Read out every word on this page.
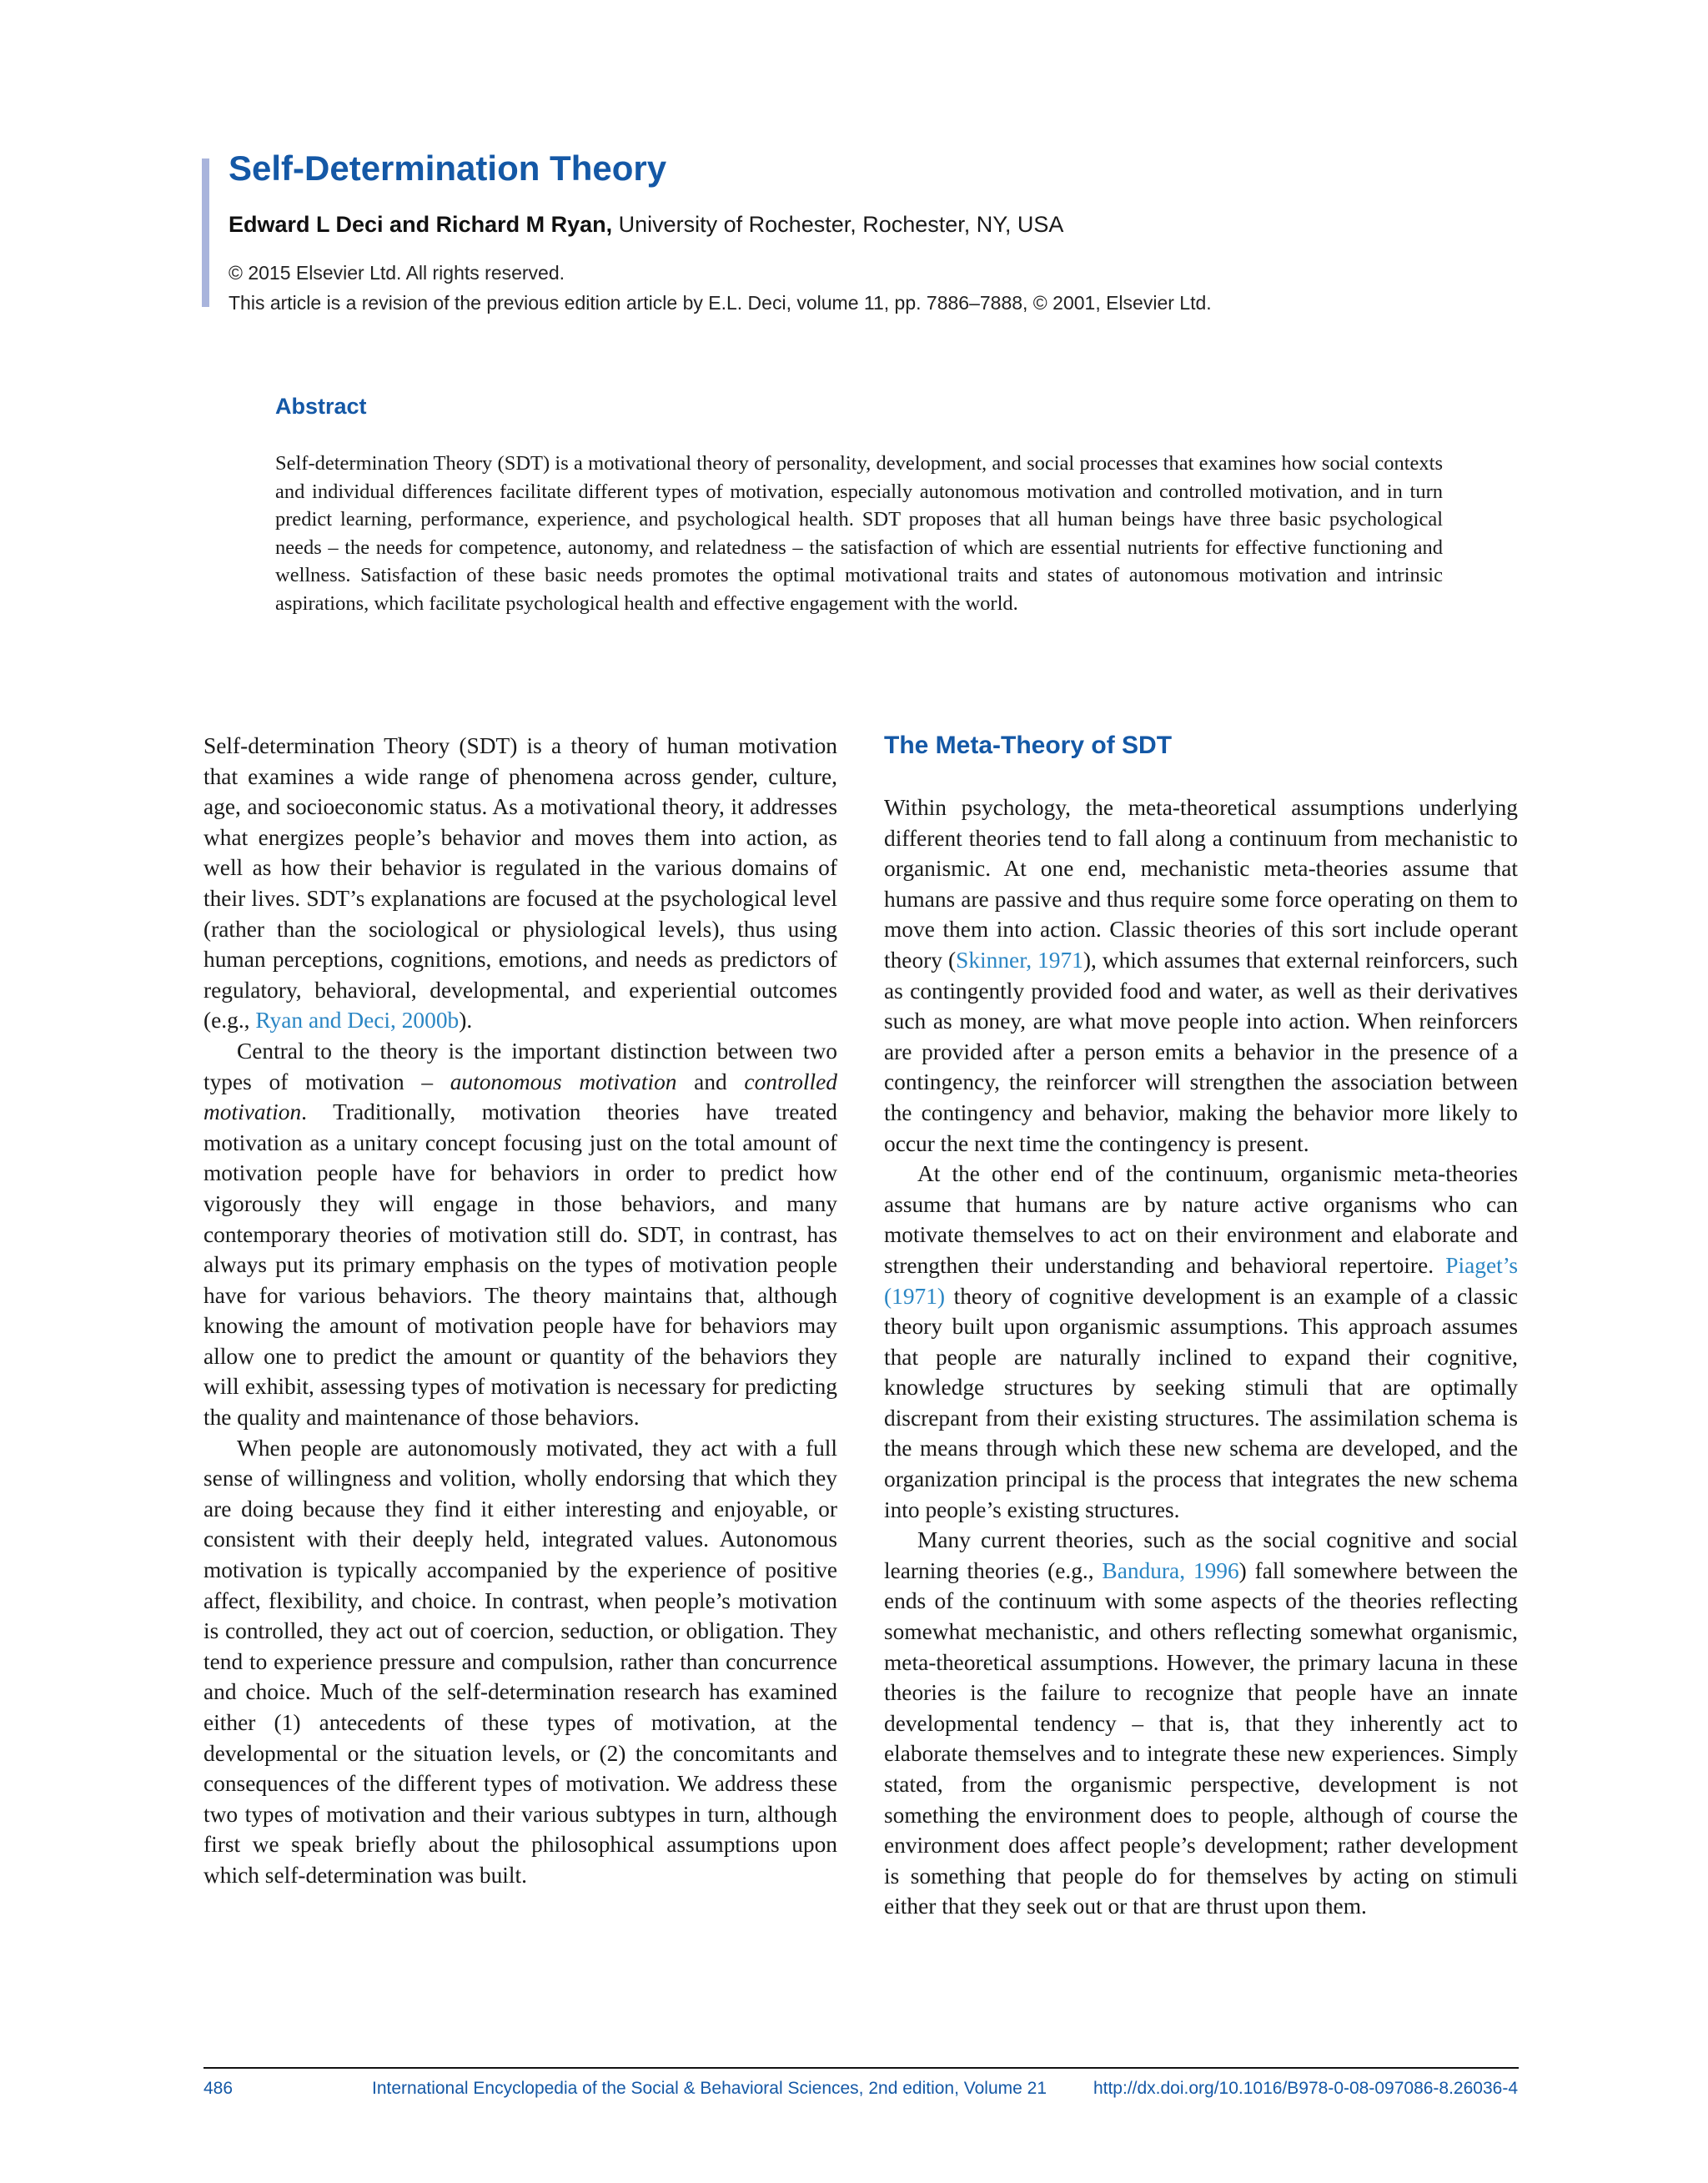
Self-Determination Theory
Edward L Deci and Richard M Ryan, University of Rochester, Rochester, NY, USA
© 2015 Elsevier Ltd. All rights reserved.
This article is a revision of the previous edition article by E.L. Deci, volume 11, pp. 7886–7888, © 2001, Elsevier Ltd.
Abstract

Self-determination Theory (SDT) is a motivational theory of personality, development, and social processes that examines how social contexts and individual differences facilitate different types of motivation, especially autonomous motivation and controlled motivation, and in turn predict learning, performance, experience, and psychological health. SDT proposes that all human beings have three basic psychological needs – the needs for competence, autonomy, and relatedness – the satisfaction of which are essential nutrients for effective functioning and wellness. Satisfaction of these basic needs promotes the optimal motivational traits and states of autonomous motivation and intrinsic aspirations, which facilitate psychological health and effective engagement with the world.

Self-determination Theory (SDT) is a theory of human motivation that examines a wide range of phenomena across gender, culture, age, and socioeconomic status. As a motivational theory, it addresses what energizes people’s behavior and moves them into action, as well as how their behavior is regulated in the various domains of their lives. SDT’s explanations are focused at the psychological level (rather than the sociological or physiological levels), thus using human perceptions, cognitions, emotions, and needs as predictors of regulatory, behavioral, developmental, and experiential outcomes (e.g., Ryan and Deci, 2000b).

Central to the theory is the important distinction between two types of motivation – autonomous motivation and controlled motivation. Traditionally, motivation theories have treated motivation as a unitary concept focusing just on the total amount of motivation people have for behaviors in order to predict how vigorously they will engage in those behaviors, and many contemporary theories of motivation still do. SDT, in contrast, has always put its primary emphasis on the types of motivation people have for various behaviors. The theory maintains that, although knowing the amount of motivation people have for behaviors may allow one to predict the amount or quantity of the behaviors they will exhibit, assessing types of motivation is necessary for predicting the quality and maintenance of those behaviors.

When people are autonomously motivated, they act with a full sense of willingness and volition, wholly endorsing that which they are doing because they find it either interesting and enjoyable, or consistent with their deeply held, integrated values. Autonomous motivation is typically accompanied by the experience of positive affect, flexibility, and choice. In contrast, when people’s motivation is controlled, they act out of coercion, seduction, or obligation. They tend to experience pressure and compulsion, rather than concurrence and choice. Much of the self-determination research has examined either (1) antecedents of these types of motivation, at the developmental or the situation levels, or (2) the concomitants and consequences of the different types of motivation. We address these two types of motivation and their various subtypes in turn, although first we speak briefly about the philosophical assumptions upon which self-determination was built.

The Meta-Theory of SDT

Within psychology, the meta-theoretical assumptions underlying different theories tend to fall along a continuum from mechanistic to organismic. At one end, mechanistic meta-theories assume that humans are passive and thus require some force operating on them to move them into action. Classic theories of this sort include operant theory (Skinner, 1971), which assumes that external reinforcers, such as contingently provided food and water, as well as their derivatives such as money, are what move people into action. When reinforcers are provided after a person emits a behavior in the presence of a contingency, the reinforcer will strengthen the association between the contingency and behavior, making the behavior more likely to occur the next time the contingency is present.

At the other end of the continuum, organismic meta-theories assume that humans are by nature active organisms who can motivate themselves to act on their environment and elaborate and strengthen their understanding and behavioral repertoire. Piaget’s (1971) theory of cognitive development is an example of a classic theory built upon organismic assumptions. This approach assumes that people are naturally inclined to expand their cognitive, knowledge structures by seeking stimuli that are optimally discrepant from their existing structures. The assimilation schema is the means through which these new schema are developed, and the organization principal is the process that integrates the new schema into people’s existing structures.

Many current theories, such as the social cognitive and social learning theories (e.g., Bandura, 1996) fall somewhere between the ends of the continuum with some aspects of the theories reflecting somewhat mechanistic, and others reflecting somewhat organismic, meta-theoretical assumptions. However, the primary lacuna in these theories is the failure to recognize that people have an innate developmental tendency – that is, that they inherently act to elaborate themselves and to integrate these new experiences. Simply stated, from the organismic perspective, development is not something the environment does to people, although of course the environment does affect people’s development; rather development is something that people do for themselves by acting on stimuli either that they seek out or that are thrust upon them.

486	International Encyclopedia of the Social & Behavioral Sciences, 2nd edition, Volume 21	http://dx.doi.org/10.1016/B978-0-08-097086-8.26036-4
